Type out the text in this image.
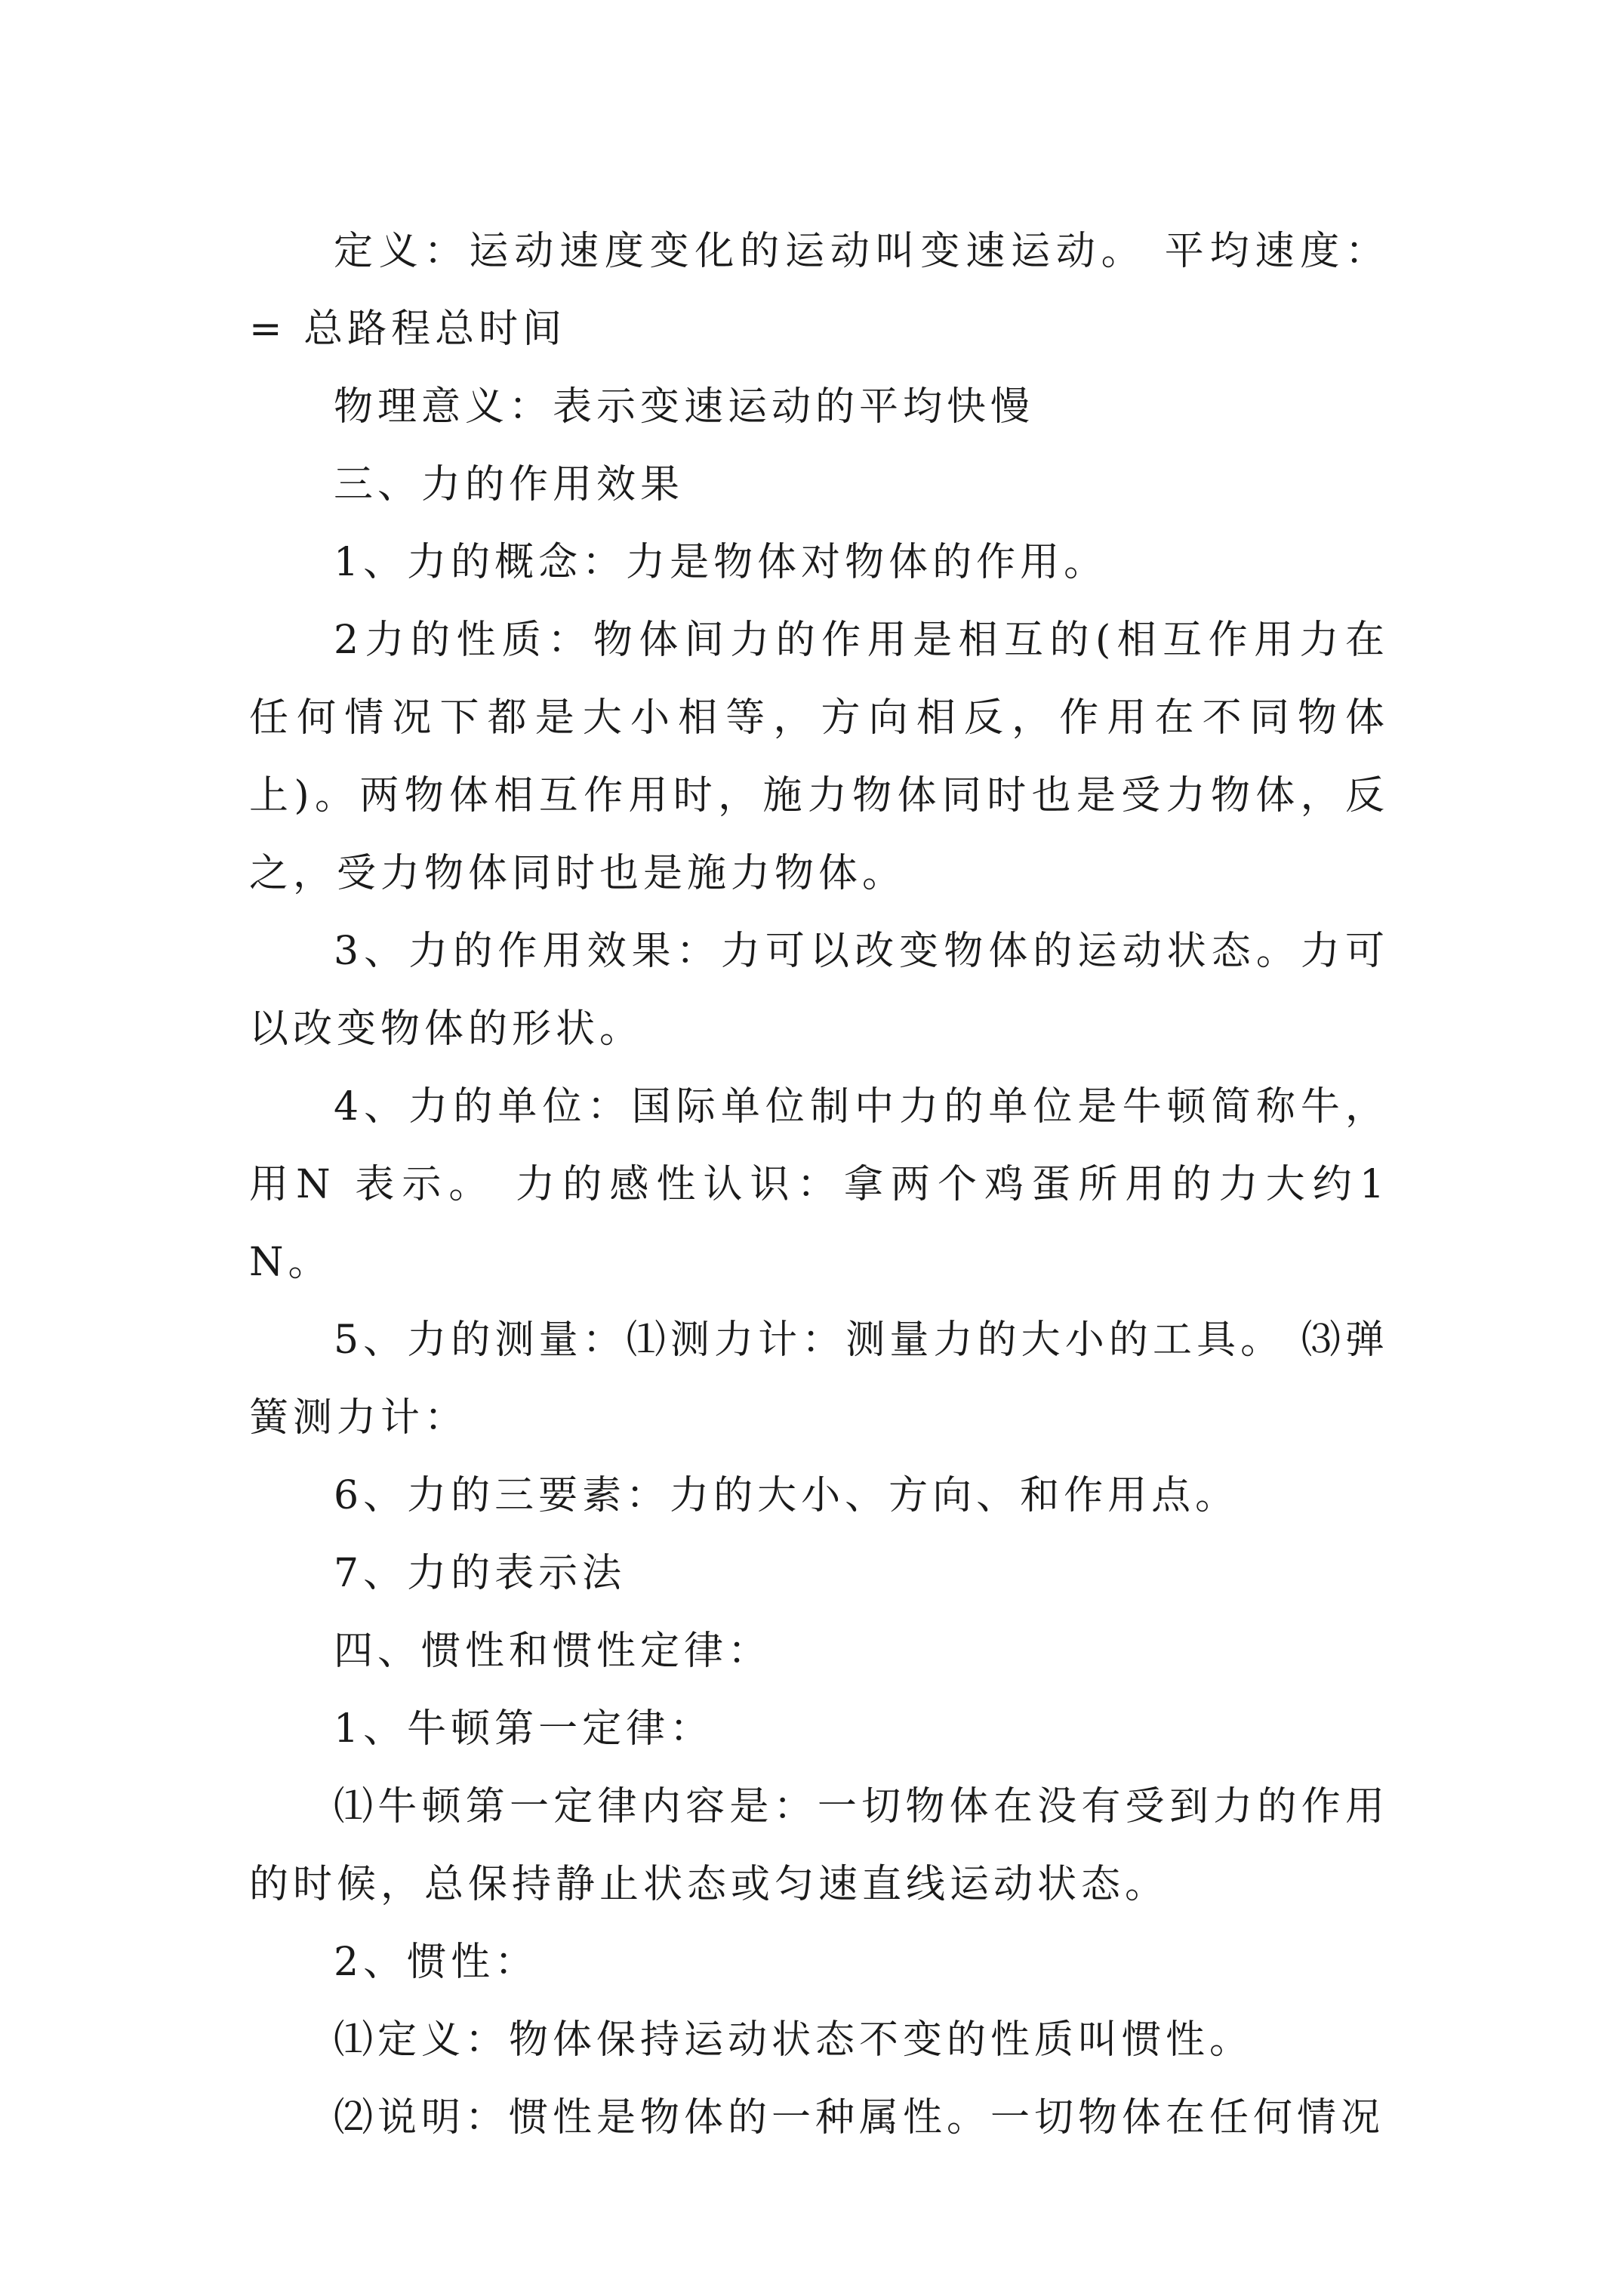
定义：运动速度变化的运动叫变速运动。 平均速度：= 总路程总时间

物理意义：表示变速运动的平均快慢

三、力的作用效果

1、力的概念：力是物体对物体的作用。

2力的性质：物体间力的作用是相互的(相互作用力在任何情况下都是大小相等，方向相反，作用在不同物体上)。两物体相互作用时，施力物体同时也是受力物体，反之，受力物体同时也是施力物体。

3、力的作用效果：力可以改变物体的运动状态。力可以改变物体的形状。

4、力的单位：国际单位制中力的单位是牛顿简称牛，用N 表示。 力的感性认识：拿两个鸡蛋所用的力大约1N。

5、力的测量：⑴测力计：测量力的大小的工具。 ⑶弹簧测力计：

6、力的三要素：力的大小、方向、和作用点。

7、力的表示法

四、惯性和惯性定律：

1、牛顿第一定律：

⑴牛顿第一定律内容是：一切物体在没有受到力的作用的时候，总保持静止状态或匀速直线运动状态。

2、惯性：

⑴定义：物体保持运动状态不变的性质叫惯性。

⑵说明：惯性是物体的一种属性。一切物体在任何情况
